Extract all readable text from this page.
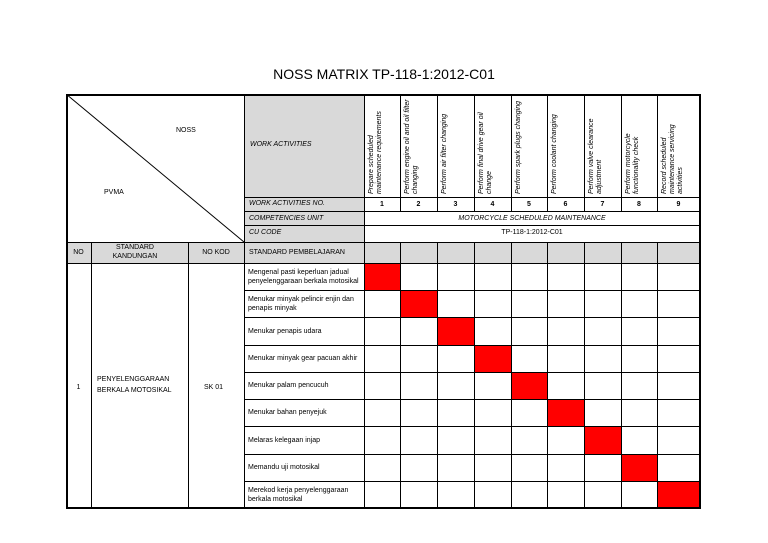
NOSS MATRIX TP-118-1:2012-C01
NOSS
PVMA
WORK ACTIVITIES
WORK ACTIVITIES NO.
COMPETENCIES UNIT
CU CODE
MOTORCYCLE SCHEDULED MAINTENANCE
TP-118-1:2012-C01
NO
STANDARD KANDUNGAN
NO KOD	STANDARD PEMBELAJARAN
Prepare scheduled maintenance requirements
1
Perform engine oil and oil filter changing
2
Perform air filter changing
3
Perform final drive gear oil change
4
Perform spark plugs changing
5
Perform coolant changing
6
Perform valve clearance adjustment
7
Perform motorcycle functionality check
8
Record scheduled maintenance servicing activities
9
1
PENYELENGGARAAN BERKALA MOTOSIKAL	SK 01
Mengenal pasti keperluan jadual penyelenggaraan berkala motosikal
Menukar minyak pelincir enjin dan penapis minyak
Menukar penapis udara
Menukar minyak gear pacuan akhir
Menukar palam pencucuh
Menukar bahan penyejuk
Melaras kelegaan injap
Memandu uji motosikal
Merekod kerja penyelenggaraan berkala motosikal
